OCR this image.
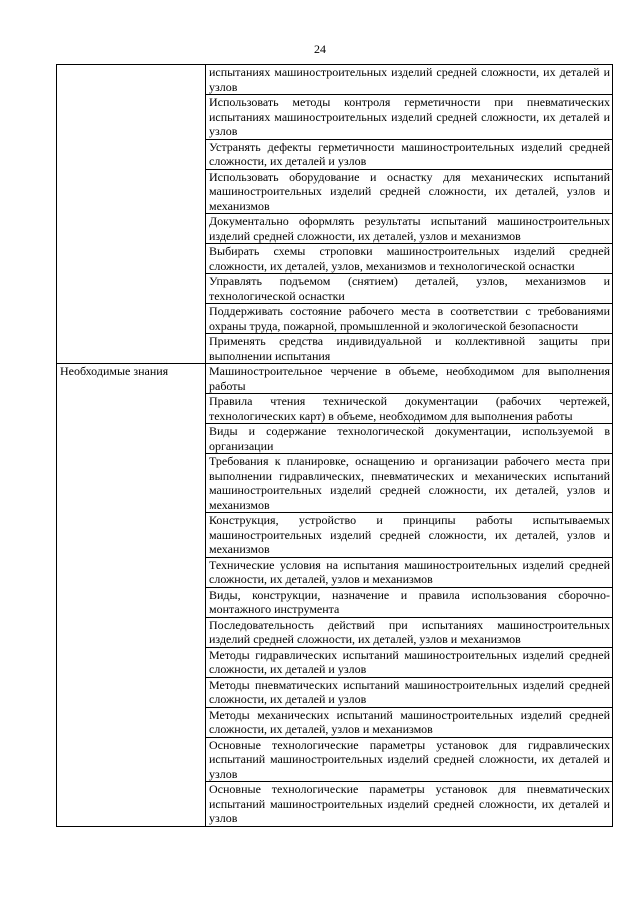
24
	испытаниях машиностроительных изделий средней сложности, их деталей и узлов
	Использовать методы контроля герметичности при пневматических испытаниях машиностроительных изделий средней сложности, их деталей и узлов
	Устранять дефекты герметичности машиностроительных изделий средней сложности, их деталей и узлов
	Использовать оборудование и оснастку для механических испытаний машиностроительных изделий средней сложности, их деталей, узлов и механизмов
	Документально оформлять результаты испытаний машиностроительных изделий средней сложности, их деталей, узлов и механизмов
	Выбирать схемы строповки машиностроительных изделий средней сложности, их деталей, узлов, механизмов и технологической оснастки
	Управлять подъемом (снятием) деталей, узлов, механизмов и технологической оснастки
	Поддерживать состояние рабочего места в соответствии с требованиями охраны труда, пожарной, промышленной и экологической безопасности
	Применять средства индивидуальной и коллективной защиты при выполнении испытания
Необходимые знания	Машиностроительное черчение в объеме, необходимом для выполнения работы
	Правила чтения технической документации (рабочих чертежей, технологических карт) в объеме, необходимом для выполнения работы
	Виды и содержание технологической документации, используемой в организации
	Требования к планировке, оснащению и организации рабочего места при выполнении гидравлических, пневматических и механических испытаний машиностроительных изделий средней сложности, их деталей, узлов и механизмов
	Конструкция, устройство и принципы работы испытываемых машиностроительных изделий средней сложности, их деталей, узлов и механизмов
	Технические условия на испытания машиностроительных изделий средней сложности, их деталей, узлов и механизмов
	Виды, конструкции, назначение и правила использования сборочно-монтажного инструмента
	Последовательность действий при испытаниях машиностроительных изделий средней сложности, их деталей, узлов и механизмов
	Методы гидравлических испытаний машиностроительных изделий средней сложности, их деталей и узлов
	Методы пневматических испытаний машиностроительных изделий средней сложности, их деталей и узлов
	Методы механических испытаний машиностроительных изделий средней сложности, их деталей, узлов и механизмов
	Основные технологические параметры установок для гидравлических испытаний машиностроительных изделий средней сложности, их деталей и узлов
	Основные технологические параметры установок для пневматических испытаний машиностроительных изделий средней сложности, их деталей и узлов
